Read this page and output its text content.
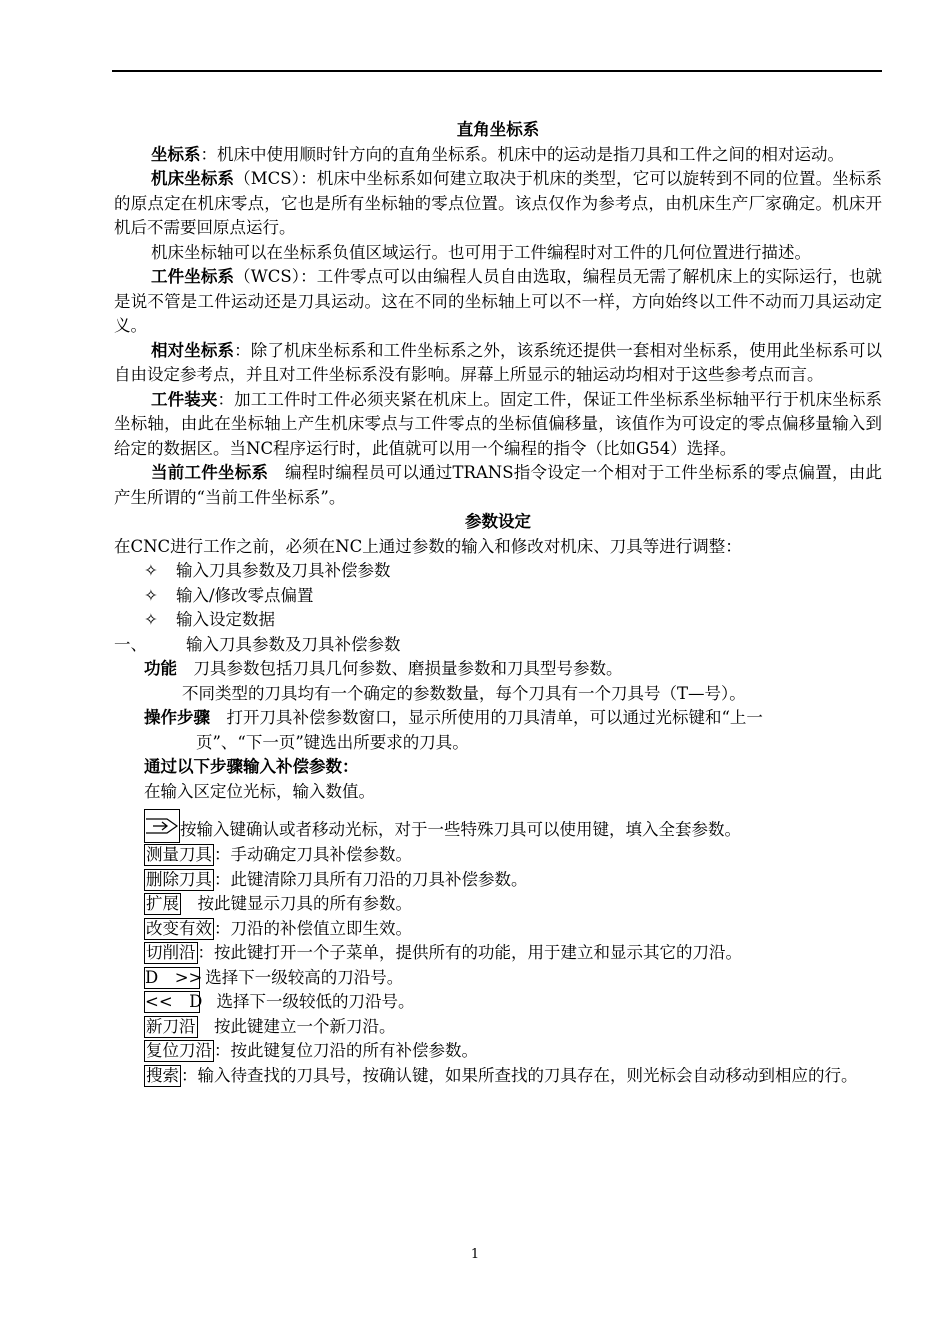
直角坐标系

坐标系：机床中使用顺时针方向的直角坐标系。机床中的运动是指刀具和工件之间的相对运动。

机床坐标系（MCS）：机床中坐标系如何建立取决于机床的类型，它可以旋转到不同的位置。坐标系的原点定在机床零点，它也是所有坐标轴的零点位置。该点仅作为参考点，由机床生产厂家确定。机床开机后不需要回原点运行。

机床坐标轴可以在坐标系负值区域运行。也可用于工件编程时对工件的几何位置进行描述。

工件坐标系（WCS）：工件零点可以由编程人员自由选取，编程员无需了解机床上的实际运行，也就是说不管是工件运动还是刀具运动。这在不同的坐标轴上可以不一样，方向始终以工件不动而刀具运动定义。

相对坐标系：除了机床坐标系和工件坐标系之外，该系统还提供一套相对坐标系，使用此坐标系可以自由设定参考点，并且对工件坐标系没有影响。屏幕上所显示的轴运动均相对于这些参考点而言。

工件装夹：加工工件时工件必须夹紧在机床上。固定工件，保证工件坐标系坐标轴平行于机床坐标系坐标轴，由此在坐标轴上产生机床零点与工件零点的坐标值偏移量，该值作为可设定的零点偏移量输入到给定的数据区。当NC程序运行时，此值就可以用一个编程的指令（比如G54）选择。

当前工件坐标系　编程时编程员可以通过TRANS指令设定一个相对于工件坐标系的零点偏置，由此产生所谓的“当前工件坐标系”。

参数设定

在CNC进行工作之前，必须在NC上通过参数的输入和修改对机床、刀具等进行调整：

✧ 输入刀具参数及刀具补偿参数

✧ 输入/修改零点偏置

✧ 输入设定数据

一、 输入刀具参数及刀具补偿参数

功能　 刀具参数包括刀具几何参数、磨损量参数和刀具型号参数。

不同类型的刀具均有一个确定的参数数量，每个刀具有一个刀具号（T—号）。

操作步骤　 打开刀具补偿参数窗口，显示所使用的刀具清单，可以通过光标键和“上一
页”、“下一页”键选出所要求的刀具。

通过以下步骤输入补偿参数：

在输入区定位光标，输入数值。

按输入键确认或者移动光标，对于一些特殊刀具可以使用键，填入全套参数。

测量刀具 ：手动确定刀具补偿参数。

删除刀具 ：此键清除刀具所有刀沿的刀具补偿参数。

扩展　按此键显示刀具的所有参数。

改变有效 ：刀沿的补偿值立即生效。

切削沿 ：按此键打开一个子菜单，提供所有的功能，用于建立和显示其它的刀沿。

D　>> 选择下一级较高的刀沿号。

<<　D　选择下一级较低的刀沿号。

新刀沿　按此键建立一个新刀沿。

复位刀沿 ：按此键复位刀沿的所有补偿参数。

搜索 ：输入待查找的刀具号，按确认键，如果所查找的刀具存在，则光标会自动移动到相应的行。

1
